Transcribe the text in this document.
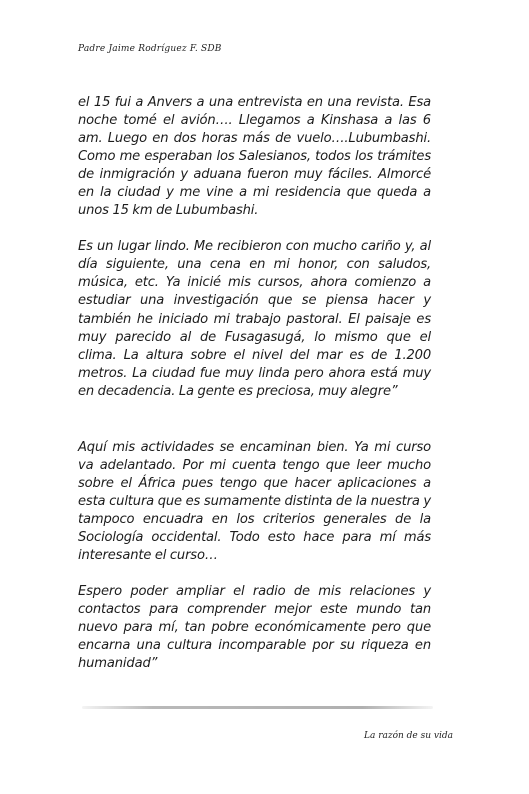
Padre Jaime Rodríguez F. SDB

el 15 fui a Anvers a una entrevista en una revista. Esa noche tomé el avión…. Llegamos a Kinshasa a las 6 am. Luego en dos horas más de vuelo….Lubumbashi. Como me esperaban los Salesianos, todos los trámites de inmigración y aduana fueron muy fáciles. Almorcé en la ciudad y me vine a mi residencia que queda a unos 15 km de Lubumbashi.

Es un lugar lindo. Me recibieron con mucho cariño y, al día siguiente, una cena en mi honor, con saludos, música, etc. Ya inicié mis cursos, ahora comienzo a estudiar una investigación que se piensa hacer y también he iniciado mi trabajo pastoral. El paisaje es muy parecido al de Fusagasugá, lo mismo que el clima. La altura sobre el nivel del mar es de 1.200 metros. La ciudad fue muy linda pero ahora está muy en decadencia. La gente es preciosa, muy alegre”

Aquí mis actividades se encaminan bien. Ya mi curso va adelantado. Por mi cuenta tengo que leer mucho sobre el África pues tengo que hacer aplicaciones a esta cultura que es sumamente distinta de la nuestra y tampoco encuadra en los criterios generales de la Sociología occidental. Todo esto hace para mí más interesante el curso…

Espero poder ampliar el radio de mis relaciones y contactos para comprender mejor este mundo tan nuevo para mí, tan pobre económicamente pero que encarna una cultura incomparable por su riqueza en humanidad”

La razón de su vida
